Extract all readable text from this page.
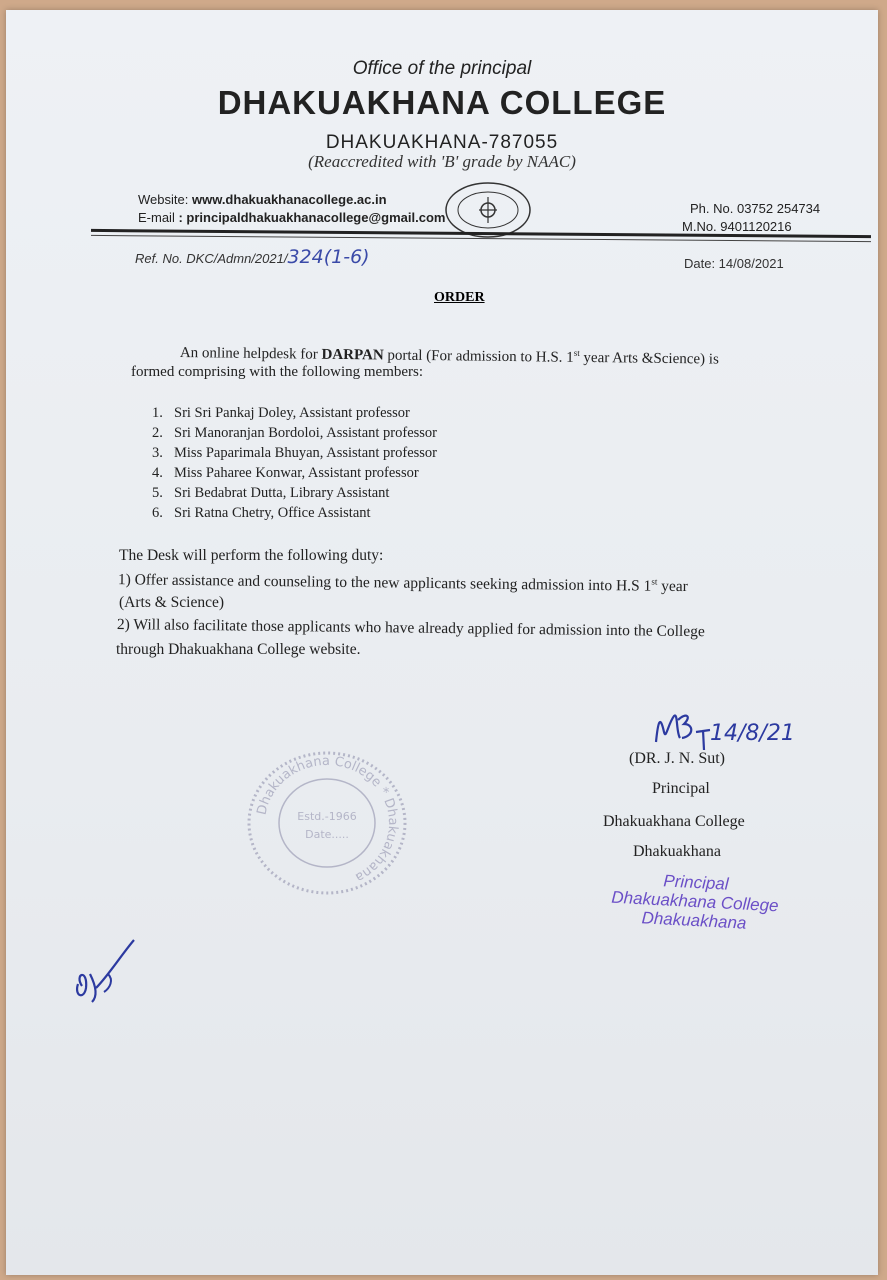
Office of the principal
DHAKUAKHANA COLLEGE
DHAKUAKHANA-787055
(Reaccredited with 'B' grade by NAAC)
Website: www.dhakuakhanacollege.ac.in
E-mail : principaldhakuakhanacollege@gmail.com
Ph. No. 03752 254734
M.No. 9401120216
Ref. No. DKC/Admn/2021/324(1-6)	Date: 14/08/2021
ORDER
An online helpdesk for DARPAN portal (For admission to H.S. 1st year Arts &Science) is
formed comprising with the following members:
1. Sri Sri Pankaj Doley, Assistant professor
2. Sri Manoranjan Bordoloi, Assistant professor
3. Miss Paparimala Bhuyan, Assistant professor
4. Miss Paharee Konwar, Assistant professor
5. Sri Bedabrat Dutta, Library Assistant
6. Sri Ratna Chetry, Office Assistant
The Desk will perform the following duty:
1) Offer assistance and counseling to the new applicants seeking admission into H.S 1st year
(Arts & Science)
2) Will also facilitate those applicants who have already applied for admission into the College
through Dhakuakhana College website.
14/8/21
(DR. J. N. Sut)
Principal
Dhakuakhana College
Dhakuakhana
Principal
Dhakuakhana College
Dhakuakhana
Dhakuakhana College * Dhakuakhana
Estd.-1966
Date.....
